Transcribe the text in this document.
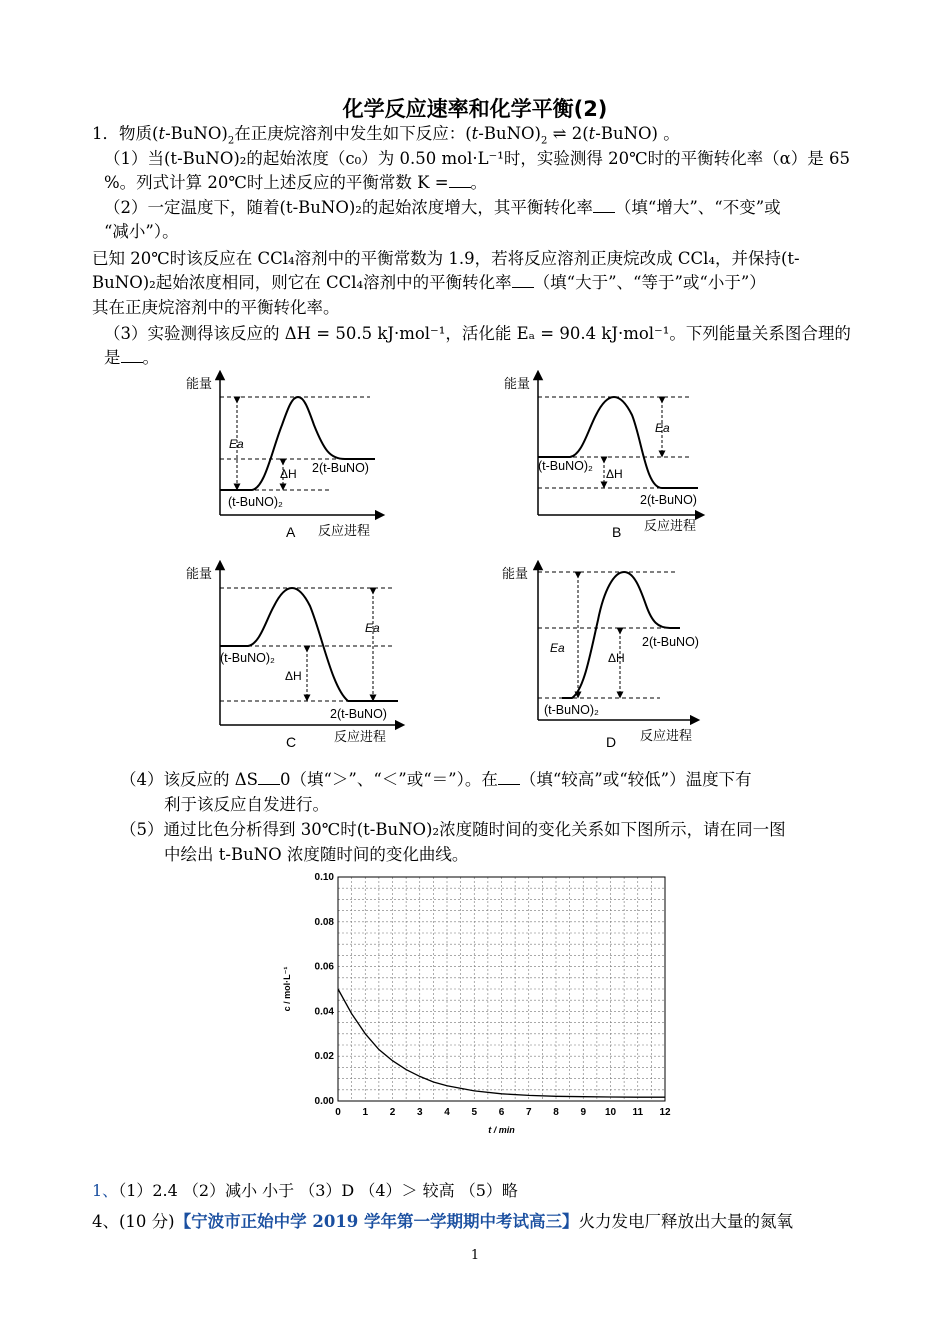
化学反应速率和化学平衡(2)
1．物质$(t-BuNO)_2$在正庚烷溶剂中发生如下反应：$(t-BuNO)_2$ ⇌ 2(t-BuNO) 。
（1）当(t-BuNO)₂的起始浓度（c₀）为 0.50 mol·L⁻¹时，实验测得 20℃时的平衡转化率（α）是 65
%。列式计算 20℃时上述反应的平衡常数 K = 。
（2）一定温度下，随着(t-BuNO)₂的起始浓度增大，其平衡转化率 （填“增大”、“不变”或
“减小”）。
已知 20℃时该反应在 CCl₄溶剂中的平衡常数为 1.9，若将反应溶剂正庚烷改成 CCl₄，并保持(t-
BuNO)₂起始浓度相同，则它在 CCl₄溶剂中的平衡转化率 （填“大于”、“等于”或“小于”）
其在正庚烷溶剂中的平衡转化率。
（3）实验测得该反应的 ΔH = 50.5 kJ·mol⁻¹，活化能 Eₐ = 90.4 kJ·mol⁻¹。下列能量关系图合理的
是 。
能量
Ea
ΔH 2(t-BuNO)
(t-BuNO)₂
反应进程
A
能量
Ea
ΔH
(t-BuNO)₂
2(t-BuNO)
反应进程
B
能量
Ea
ΔH
(t-BuNO)₂
2(t-BuNO)
反应进程
C
能量
Ea
ΔH
2(t-BuNO)
(t-BuNO)₂
反应进程
D
（4）该反应的 ΔS 0（填“＞”、“＜”或“＝”）。在 （填“较高”或“较低”）温度下有
利于该反应自发进行。
（5）通过比色分析得到 30℃时(t-BuNO)₂浓度随时间的变化关系如下图所示，请在同一图
中绘出 t-BuNO 浓度随时间的变化曲线。
0 1 2 3 4 5 6 7 8 9 10 11 12
0.00
0.02
0.04
0.06
0.08
0.10
t / min
c / mol·L⁻¹
1、（1）2.4 （2）减小 小于 （3）D （4）＞ 较高 （5）略
4、(10 分)【宁波市正始中学 2019 学年第一学期期中考试高三】火力发电厂释放出大量的氮氧
1
